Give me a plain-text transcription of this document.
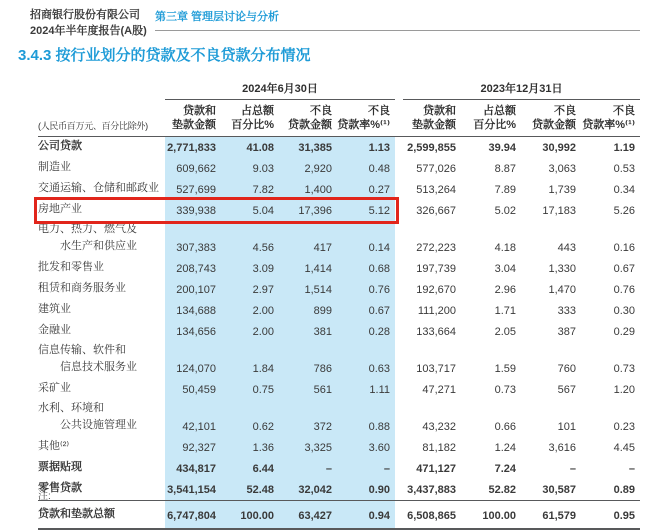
招商银行股份有限公司
2024年半年度报告(A股)
第三章 管理层讨论与分析
3.4.3 按行业划分的贷款及不良贷款分布情况

	2024年6月30日				2023年12月31日			

(人民币百万元、百分比除外)	
贷款和
垫款金额

占总额
百分比%

不良
贷款金额

不良
贷款率%⁽¹⁾

贷款和
垫款金额

占总额
百分比%

不良
贷款金额

不良
贷款率%⁽¹⁾

公司贷款	2,771,833	41.08	31,385	1.13	2,599,855	39.94	30,992	1.19

制造业	609,662	9.03	2,920	0.48	577,026	8.87	3,063	0.53

交通运输、仓储和邮政业	527,699	7.82	1,400	0.27	513,264	7.89	1,739	0.34

房地产业	339,938	5.04	17,396	5.12	326,667	5.02	17,183	5.26

电力、热力、燃气及
水生产和供应业	307,383	4.56	417	0.14	272,223	4.18	443	0.16

批发和零售业	208,743	3.09	1,414	0.68	197,739	3.04	1,330	0.67

租赁和商务服务业	200,107	2.97	1,514	0.76	192,670	2.96	1,470	0.76

建筑业	134,688	2.00	899	0.67	111,200	1.71	333	0.30

金融业	134,656	2.00	381	0.28	133,664	2.05	387	0.29

信息传输、软件和
信息技术服务业	124,070	1.84	786	0.63	103,717	1.59	760	0.73

采矿业	50,459	0.75	561	1.11	47,271	0.73	567	1.20

水利、环境和
公共设施管理业	42,101	0.62	372	0.88	43,232	0.66	101	0.23

其他⁽²⁾	92,327	1.36	3,325	3.60	81,182	1.24	3,616	4.45

票据贴现	434,817	6.44	–	–	471,127	7.24	–	–

零售贷款	3,541,154	52.48	32,042	0.90	3,437,883	52.82	30,587	0.89

贷款和垫款总额	6,747,804	100.00	63,427	0.94	6,508,865	100.00	61,579	0.95
注:
